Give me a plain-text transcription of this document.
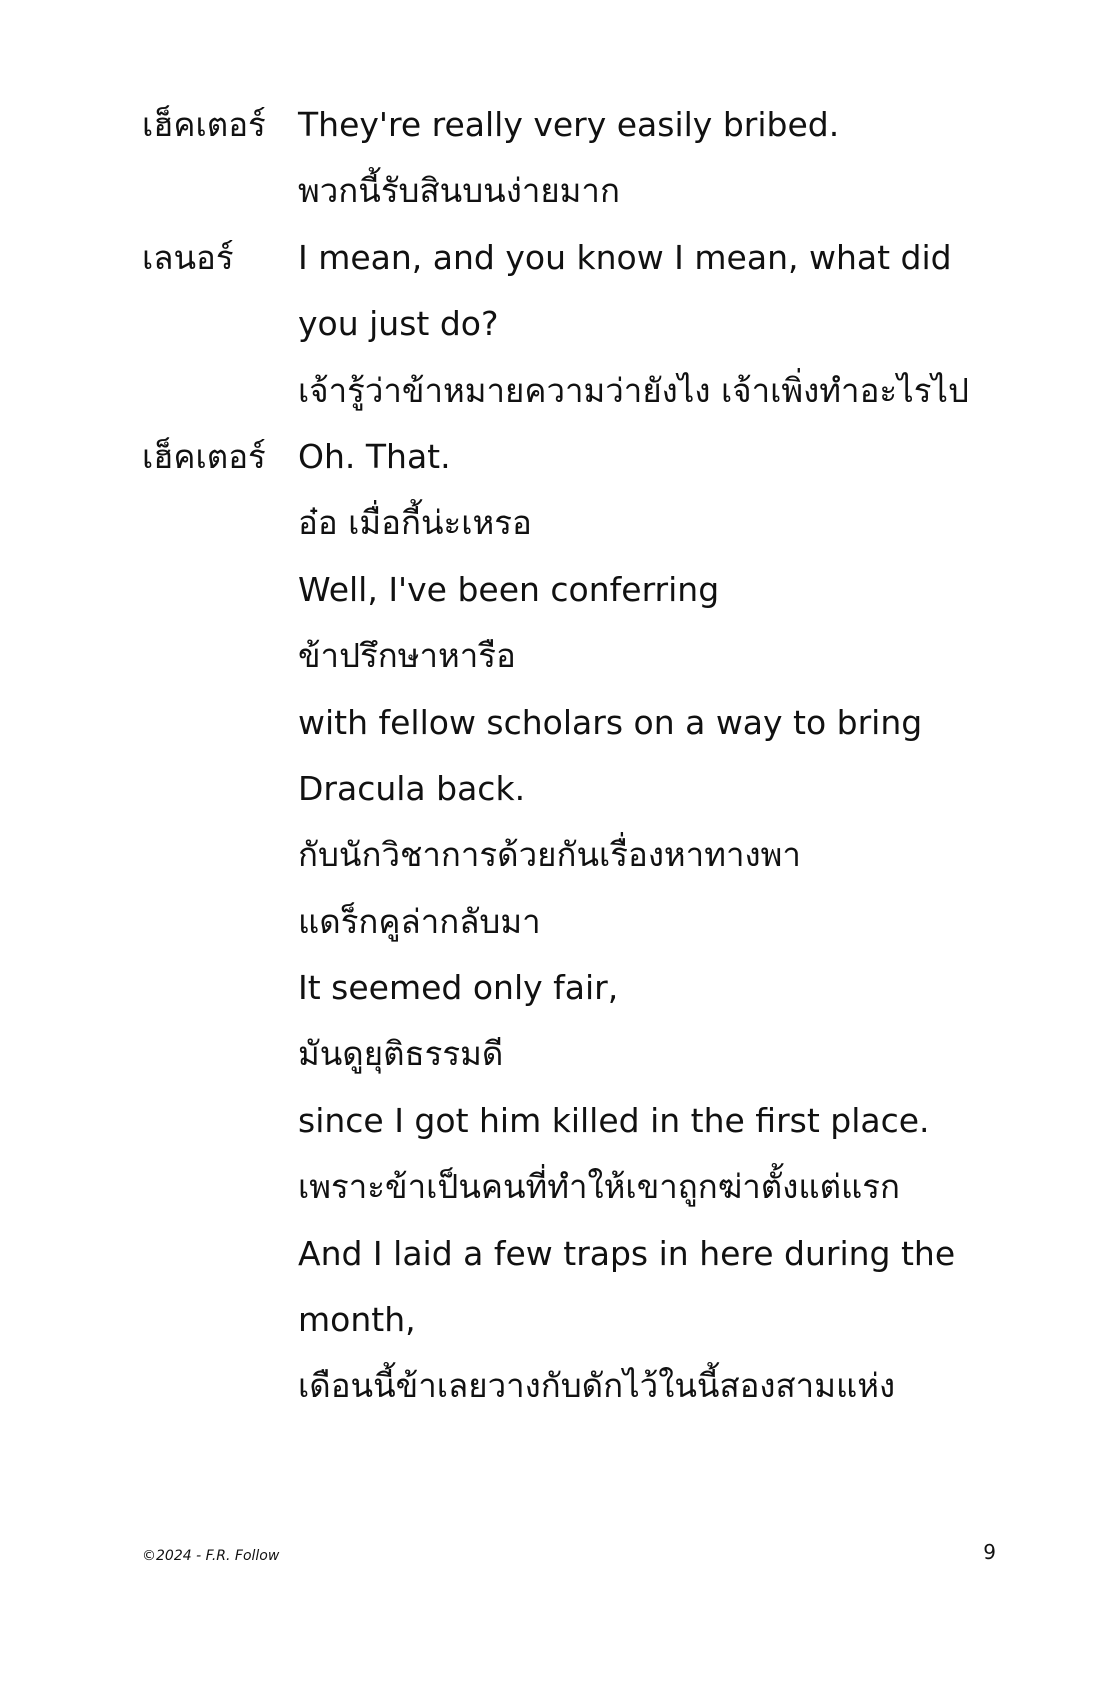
เฮ็คเตอร์ They're really very easily bribed.
พวกนี้รับสินบนง่ายมาก
เลนอร์	I mean, and you know I mean, what did
you just do?
เจ้ารู้ว่าข้าหมายความว่ายังไง เจ้าเพิ่งทำอะไรไป
เฮ็คเตอร์ Oh. That.
อ๋อ เมื่อกี้น่ะเหรอ
Well, I've been conferring
ข้าปรึกษาหารือ
with fellow scholars on a way to bring
Dracula back.
กับนักวิชาการด้วยกันเรื่องหาทางพา
แดร็กคูล่ากลับมา
It seemed only fair,
มันดูยุติธรรมดี
since I got him killed in the first place.
เพราะข้าเป็นคนที่ทำให้เขาถูกฆ่าตั้งแต่แรก
And I laid a few traps in here during the
month,
เดือนนี้ข้าเลยวางกับดักไว้ในนี้สองสามแห่ง
©2024 - F.R. Follow	9
